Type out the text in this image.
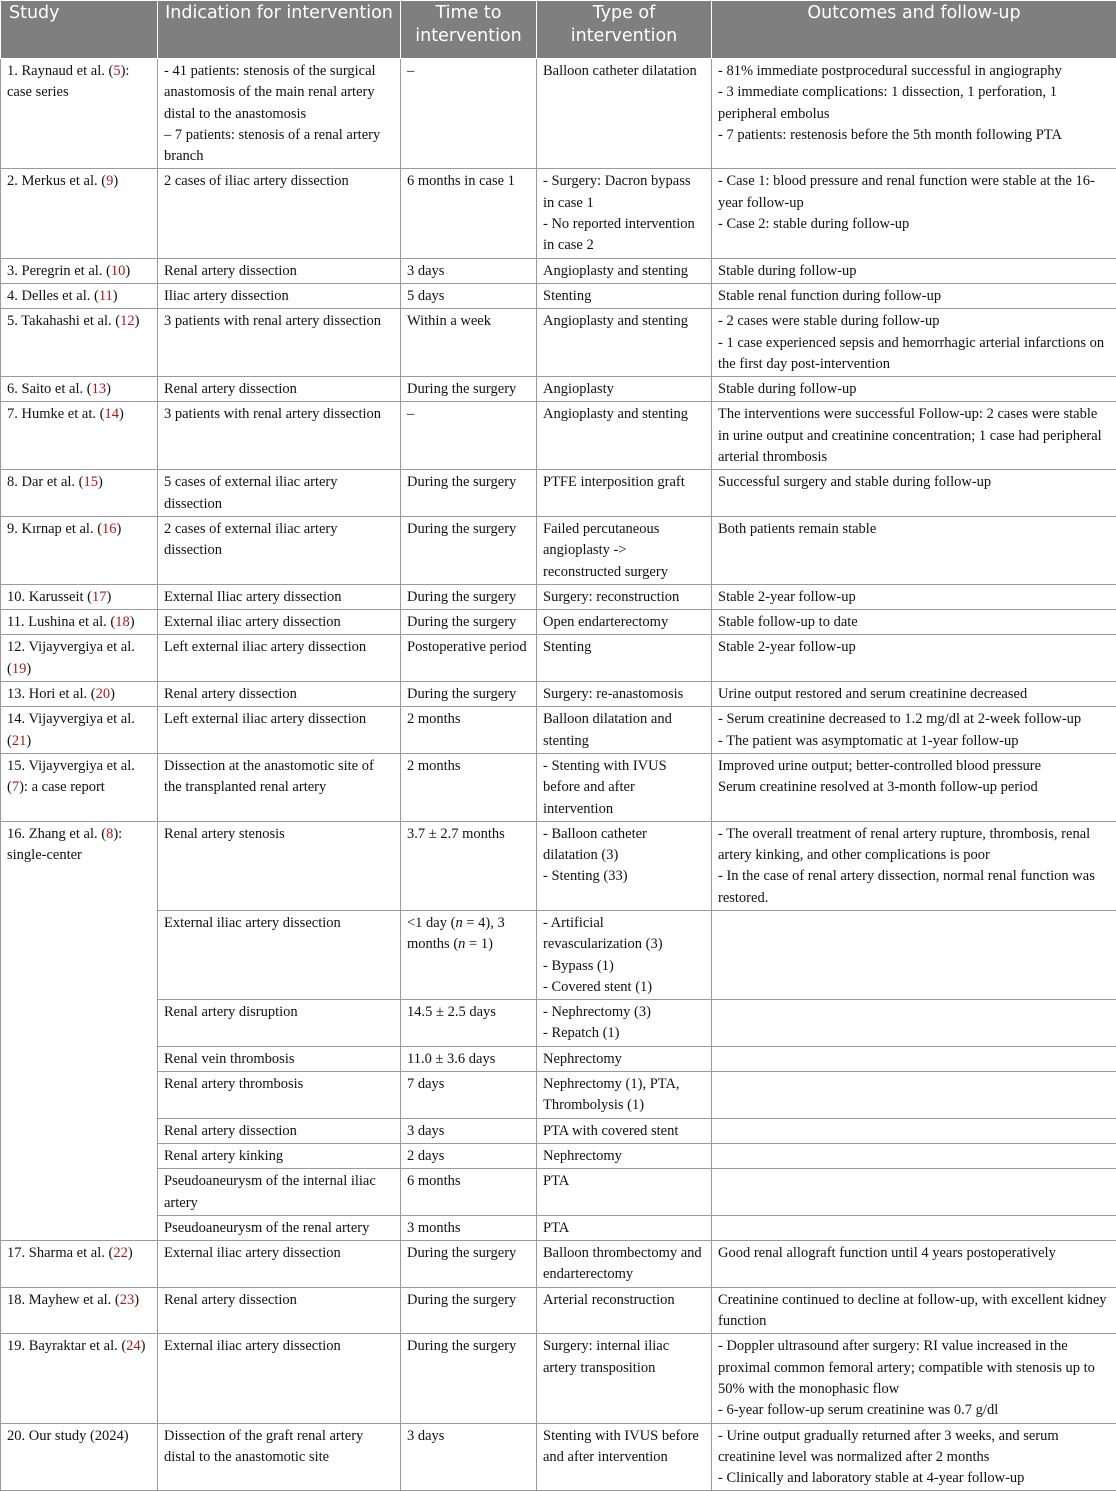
Study	Indication for intervention	Time to intervention	Type of intervention	Outcomes and follow-up
1. Raynaud et al. (5): case series	- 41 patients: stenosis of the surgical anastomosis of the main renal artery distal to the anastomosis
– 7 patients: stenosis of a renal artery branch	–	Balloon catheter dilatation	- 81% immediate postprocedural successful in angiography
- 3 immediate complications: 1 dissection, 1 perforation, 1 peripheral embolus
- 7 patients: restenosis before the 5th month following PTA

2. Merkus et al. (9)	2 cases of iliac artery dissection	6 months in case 1	- Surgery: Dacron bypass in case 1
- No reported intervention in case 2	- Case 1: blood pressure and renal function were stable at the 16-year follow-up
- Case 2: stable during follow-up

3. Peregrin et al. (10)	Renal artery dissection	3 days	Angioplasty and stenting	Stable during follow-up

4. Delles et al. (11)	Iliac artery dissection	5 days	Stenting	Stable renal function during follow-up

5. Takahashi et al. (12)	3 patients with renal artery dissection	Within a week	Angioplasty and stenting	- 2 cases were stable during follow-up
- 1 case experienced sepsis and hemorrhagic arterial infarctions on the first day post-intervention

6. Saito et al. (13)	Renal artery dissection	During the surgery	Angioplasty	Stable during follow-up

7. Humke et at. (14)	3 patients with renal artery dissection	–	Angioplasty and stenting	The interventions were successful Follow-up: 2 cases were stable in urine output and creatinine concentration; 1 case had peripheral arterial thrombosis

8. Dar et al. (15)	5 cases of external iliac artery dissection	During the surgery	PTFE interposition graft	Successful surgery and stable during follow-up

9. Kırnap et al. (16)	2 cases of external iliac artery dissection	During the surgery	Failed percutaneous angioplasty -> reconstructed surgery	Both patients remain stable

10. Karusseit (17)	External Iliac artery dissection	During the surgery	Surgery: reconstruction	Stable 2-year follow-up

11. Lushina et al. (18)	External iliac artery dissection	During the surgery	Open endarterectomy	Stable follow-up to date

12. Vijayvergiya et al. (19)	Left external iliac artery dissection	Postoperative period	Stenting	Stable 2-year follow-up

13. Hori et al. (20)	Renal artery dissection	During the surgery	Surgery: re-anastomosis	Urine output restored and serum creatinine decreased

14. Vijayvergiya et al. (21)	Left external iliac artery dissection	2 months	Balloon dilatation and stenting	- Serum creatinine decreased to 1.2 mg/dl at 2-week follow-up
- The patient was asymptomatic at 1-year follow-up

15. Vijayvergiya et al. (7): a case report	Dissection at the anastomotic site of the transplanted renal artery	2 months	- Stenting with IVUS before and after intervention	Improved urine output; better-controlled blood pressure
Serum creatinine resolved at 3-month follow-up period

16. Zhang et al. (8): single-center	Renal artery stenosis	3.7 ± 2.7 months	- Balloon catheter dilatation (3)
- Stenting (33)	- The overall treatment of renal artery rupture, thrombosis, renal artery kinking, and other complications is poor
- In the case of renal artery dissection, normal renal function was restored.

	External iliac artery dissection	<1 day (n = 4), 3 months (n = 1)	- Artificial revascularization (3)
- Bypass (1)
- Covered stent (1)	

	Renal artery disruption	14.5 ± 2.5 days	- Nephrectomy (3)
- Repatch (1)	

	Renal vein thrombosis	11.0 ± 3.6 days	Nephrectomy	

	Renal artery thrombosis	7 days	Nephrectomy (1), PTA, Thrombolysis (1)	

	Renal artery dissection	3 days	PTA with covered stent	

	Renal artery kinking	2 days	Nephrectomy	

	Pseudoaneurysm of the internal iliac artery	6 months	PTA	

	Pseudoaneurysm of the renal artery	3 months	PTA	

17. Sharma et al. (22)	External iliac artery dissection	During the surgery	Balloon thrombectomy and endarterectomy	Good renal allograft function until 4 years postoperatively

18. Mayhew et al. (23)	Renal artery dissection	During the surgery	Arterial reconstruction	Creatinine continued to decline at follow-up, with excellent kidney function

19. Bayraktar et al. (24)	External iliac artery dissection	During the surgery	Surgery: internal iliac artery transposition	- Doppler ultrasound after surgery: RI value increased in the proximal common femoral artery; compatible with stenosis up to 50% with the monophasic flow
- 6-year follow-up serum creatinine was 0.7 g/dl

20. Our study (2024)	Dissection of the graft renal artery distal to the anastomotic site	3 days	Stenting with IVUS before and after intervention	- Urine output gradually returned after 3 weeks, and serum creatinine level was normalized after 2 months
- Clinically and laboratory stable at 4-year follow-up
